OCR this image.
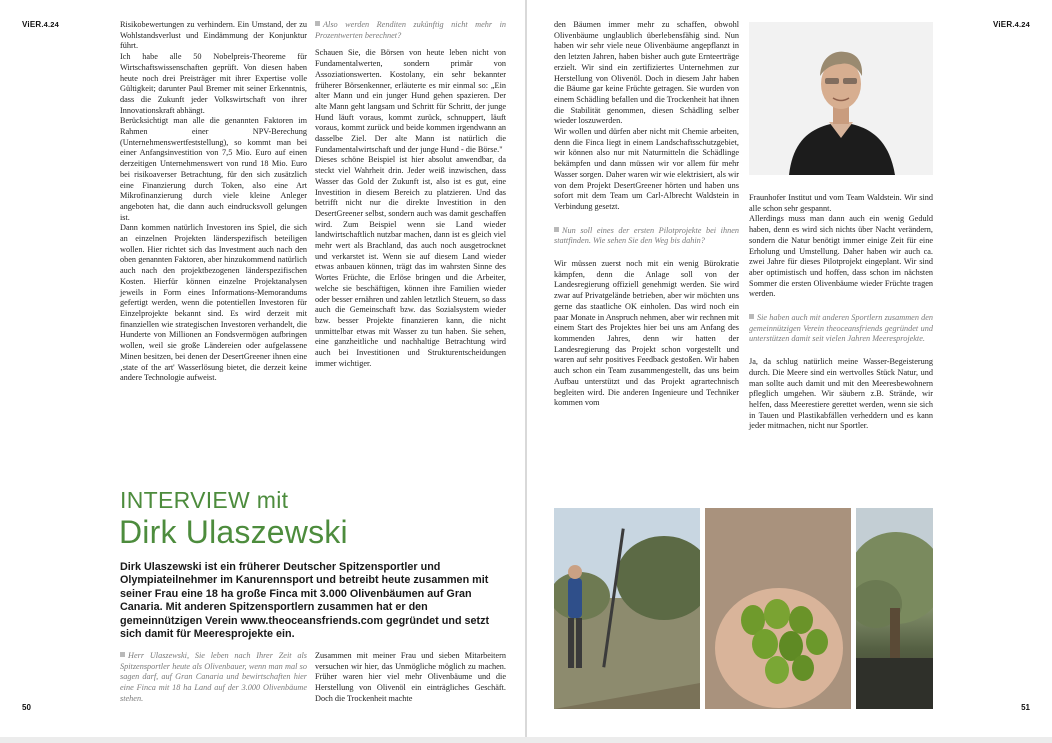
ViER.4.24	Risikobewertungen zu verhindern. Ein Umstand, der zu Wohlstandsverlust und Eindämmung der Konjunktur führt.

Ich habe alle 50 Nobelpreis-Theoreme für Wirtschaftswissenschaften geprüft. Von diesen haben heute noch drei Preisträger mit ihrer Expertise volle Gültigkeit; darunter Paul Bremer mit seiner Erkenntnis, dass die Zukunft jeder Volkswirtschaft von ihrer Innovationskraft abhängt.

Berücksichtigt man alle die genannten Faktoren im Rahmen einer NPV-Berechung (Unternehmenswertfeststellung), so kommt man bei einer Anfangsinvestition von 7,5 Mio. Euro auf einen derzeitigen Unternehmenswert von rund 18 Mio. Euro bei risikoaverser Betrachtung, für den sich zusätzlich eine Finanzierung durch Token, also eine Art Mikrofinanzierung durch viele kleine Anleger angeboten hat, die dann auch eindrucksvoll gelungen ist.

Dann kommen natürlich Investoren ins Spiel, die sich an einzelnen Projekten länderspezifisch beteiligen wollen. Hier richtet sich das Investment auch nach den oben genannten Faktoren, aber hinzukommend natürlich auch nach den projektbezogenen länderspezifischen Kosten. Hierfür können einzelne Projektanalysen jeweils in Form eines Informations-Memorandums gefertigt werden, wenn die potentiellen Investoren für Einzelprojekte bekannt sind. Es wird derzeit mit finanziellen wie strategischen Investoren verhandelt, die Hunderte von Millionen an Fondsvermögen aufbringen wollen, weil sie große Ländereien oder aufgelassene Minen besitzen, bei denen der DesertGreener ihnen eine ‚state of the art' Wasserlösung bietet, die derzeit keine andere Technologie aufweist.

Also werden Renditen zukünftig nicht mehr in Prozentwerten berechnet?

Schauen Sie, die Börsen von heute leben nicht von Fundamentalwerten, sondern primär von Assoziationswerten. Kostolany, ein sehr bekannter früherer Börsenkenner, erläuterte es mir einmal so: „Ein alter Mann und ein junger Hund gehen spazieren. Der alte Mann geht langsam und Schritt für Schritt, der junge Hund läuft voraus, kommt zurück, schnuppert, läuft voraus, kommt zurück und beide kommen irgendwann an dasselbe Ziel. Der alte Mann ist natürlich die Fundamentalwirtschaft und der junge Hund - die Börse."

Dieses schöne Beispiel ist hier absolut anwendbar, da steckt viel Wahrheit drin. Jeder weiß inzwischen, dass Wasser das Gold der Zukunft ist, also ist es gut, eine Investition in diesem Bereich zu platzieren. Und das betrifft nicht nur die direkte Investition in den DesertGreener selbst, sondern auch was damit geschaffen wird. Zum Beispiel wenn sie Land wieder landwirtschaftlich nutzbar machen, dann ist es gleich viel mehr wert als Brachland, das auch noch ausgetrocknet und verkarstet ist. Wenn sie auf diesem Land wieder etwas anbauen können, trägt das im wahrsten Sinne des Wortes Früchte, die Erlöse bringen und die Arbeiter, welche sie beschäftigen, können ihre Familien wieder oder besser ernähren und zahlen letztlich Steuern, so dass auch die Gemeinschaft bzw. das Sozialsystem wieder bzw. besser Projekte finanzieren kann, die nicht unmittelbar etwas mit Wasser zu tun haben. Sie sehen, eine ganzheitliche und nachhaltige Betrachtung wird auch bei Investitionen und Strukturentscheidungen immer wichtiger.

INTERVIEW mit
Dirk Ulaszewski
Dirk Ulaszewski ist ein früherer Deutscher Spitzensportler und Olympiateilnehmer im Kanurennsport und betreibt heute zusammen mit seiner Frau eine 18 ha große Finca mit 3.000 Olivenbäumen auf Gran Canaria. Mit anderen Spitzensportlern zusammen hat er den gemeinnützigen Verein www.theoceansfriends.com gegründet und setzt sich damit für Meeresprojekte ein.

Herr Ulaszewski, Sie leben nach Ihrer Zeit als Spitzensportler heute als Olivenbauer, wenn man mal so sagen darf, auf Gran Canaria und bewirtschaften hier eine Finca mit 18 ha Land auf der 3.000 Olivenbäume stehen.

Zusammen mit meiner Frau und sieben Mitarbeitern versuchen wir hier, das Unmögliche möglich zu machen. Früher waren hier viel mehr Olivenbäume und die Herstellung von Olivenöl ein einträgliches Geschäft. Doch die Trockenheit machte

50
ViER.4.24

den Bäumen immer mehr zu schaffen, obwohl Olivenbäume unglaublich überlebensfähig sind. Nun haben wir sehr viele neue Olivenbäume angepflanzt in den letzten Jahren, haben bisher auch gute Ernteerträge erzielt. Wir sind ein zertifiziertes Unternehmen zur Herstellung von Olivenöl. Doch in diesem Jahr haben die Bäume gar keine Früchte getragen. Sie wurden von einem Schädling befallen und die Trockenheit hat ihnen die Stabilität genommen, diesen Schädling selber wieder loszuwerden.

Wir wollen und dürfen aber nicht mit Chemie arbeiten, denn die Finca liegt in einem Landschaftsschutzgebiet, wir können also nur mit Naturmitteln die Schädlinge bekämpfen und dann müssen wir vor allem für mehr Wasser sorgen. Daher waren wir wie elektrisiert, als wir von dem Projekt DesertGreener hörten und haben uns sofort mit dem Team um Carl-Albrecht Waldstein in Verbindung gesetzt.

Nun soll eines der ersten Pilotprojekte bei ihnen stattfinden. Wie sehen Sie den Weg bis dahin?

Wir müssen zuerst noch mit ein wenig Bürokratie kämpfen, denn die Anlage soll von der Landesregierung offiziell genehmigt werden. Sie wird zwar auf Privatgelände betrieben, aber wir möchten uns gerne das staatliche OK einholen. Das wird noch ein paar Monate in Anspruch nehmen, aber wir rechnen mit einem Start des Projektes hier bei uns am Anfang des kommenden Jahres, denn wir hatten der Landesregierung das Projekt schon vorgestellt und waren auf sehr positives Feedback gestoßen. Wir haben auch schon ein Team zusammengestellt, das uns beim Aufbau unterstützt und das Projekt agrartechnisch begleiten wird. Die anderen Ingenieure und Techniker kommen vom

Fraunhofer Institut und vom Team Waldstein. Wir sind alle schon sehr gespannt.

Allerdings muss man dann auch ein wenig Geduld haben, denn es wird sich nichts über Nacht verändern, sondern die Natur benötigt immer einige Zeit für eine Erholung und Umstellung. Daher haben wir auch ca. zwei Jahre für dieses Pilotprojekt eingeplant. Wir sind aber optimistisch und hoffen, dass schon im nächsten Sommer die ersten Olivenbäume wieder Früchte tragen werden.

Sie haben auch mit anderen Sportlern zusammen den gemeinnützigen Verein theoceansfriends gegründet und unterstützen damit seit vielen Jahren Meeresprojekte.

Ja, da schlug natürlich meine Wasser-Begeisterung durch. Die Meere sind ein wertvolles Stück Natur, und man sollte auch damit und mit den Meeresbewohnern pfleglich umgehen. Wir säubern z.B. Strände, wir helfen, dass Meerestiere gerettet werden, wenn sie sich in Tauen und Plastikabfällen verheddern und es kann jeder mitmachen, nicht nur Sportler.

51
